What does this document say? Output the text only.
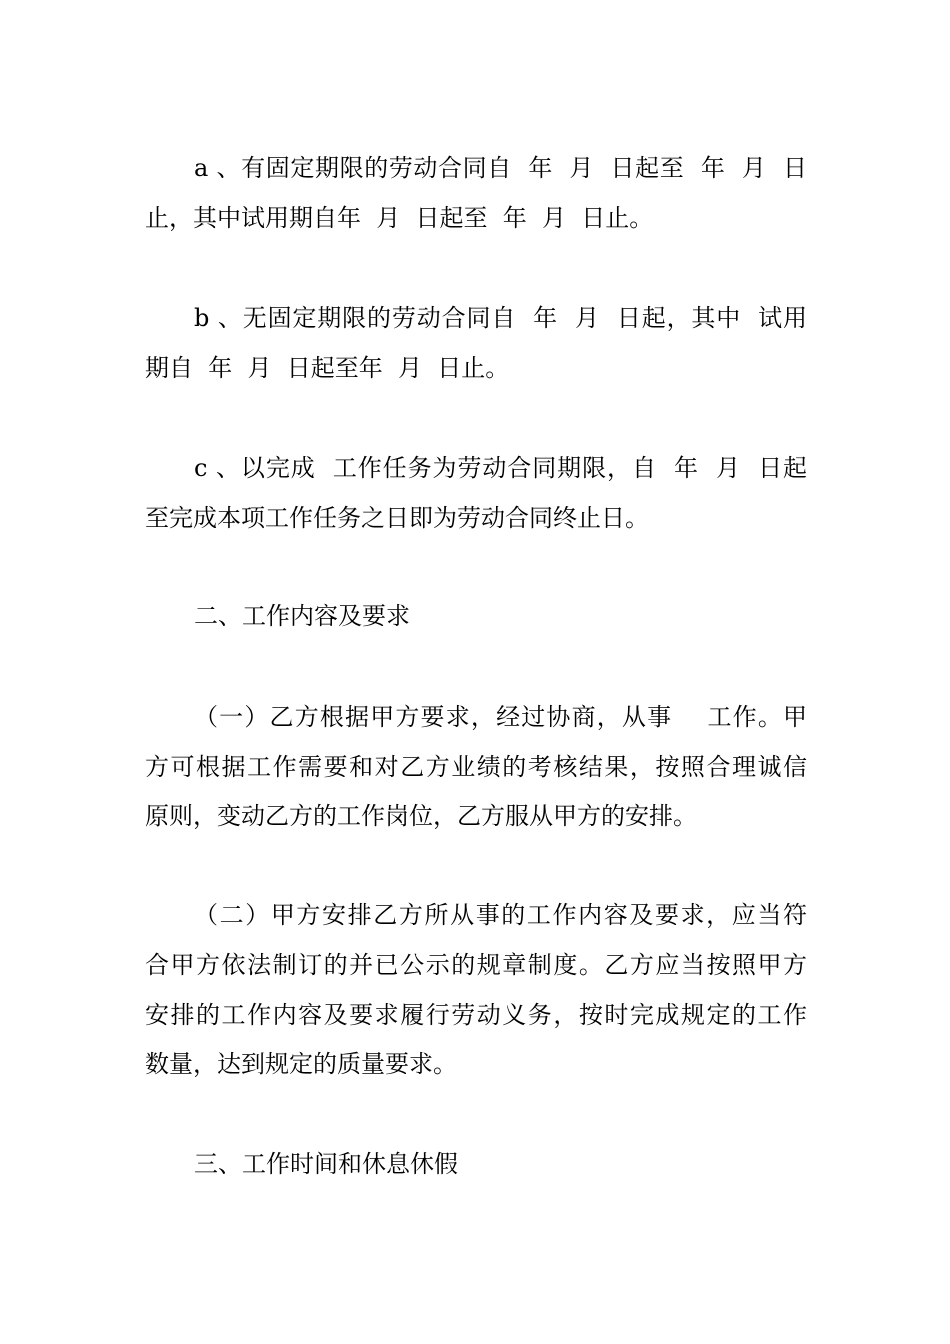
a 、有固定期限的劳动合同自  年  月  日起至  年  月  日
止，其中试用期自年  月  日起至  年  月  日止。
b 、无固定期限的劳动合同自  年  月  日起，其中  试用
期自  年  月  日起至年  月  日止。
c 、以完成  工作任务为劳动合同期限，自  年  月  日起
至完成本项工作任务之日即为劳动合同终止日。
二、工作内容及要求
（一）乙方根据甲方要求，经过协商，从事    工作。甲
方可根据工作需要和对乙方业绩的考核结果，按照合理诚信
原则，变动乙方的工作岗位，乙方服从甲方的安排。
（二）甲方安排乙方所从事的工作内容及要求，应当符
合甲方依法制订的并已公示的规章制度。乙方应当按照甲方
安排的工作内容及要求履行劳动义务，按时完成规定的工作
数量，达到规定的质量要求。
三、工作时间和休息休假
